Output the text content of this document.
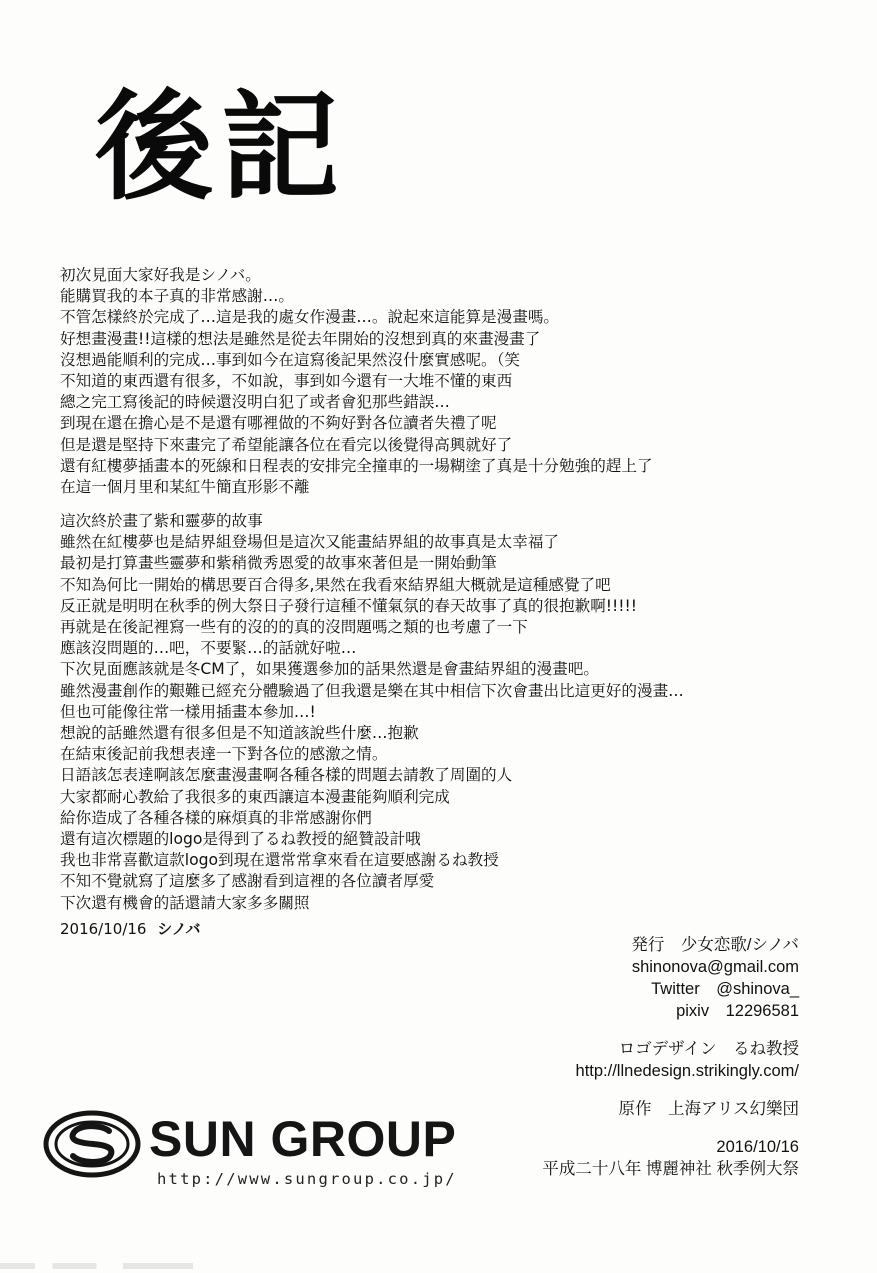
後記
初次見面大家好我是シノバ。
能購買我的本子真的非常感謝…。
不管怎樣終於完成了…這是我的處女作漫畫…。說起來這能算是漫畫嗎。
好想畫漫畫!!這樣的想法是雖然是從去年開始的沒想到真的來畫漫畫了
沒想過能順利的完成…事到如今在這寫後記果然沒什麼實感呢。（笑
不知道的東西還有很多，不如說，事到如今還有一大堆不懂的東西
總之完工寫後記的時候還沒明白犯了或者會犯那些錯誤…
到現在還在擔心是不是還有哪裡做的不夠好對各位讀者失禮了呢
但是還是堅持下來畫完了希望能讓各位在看完以後覺得高興就好了
還有紅樓夢插畫本的死線和日程表的安排完全撞車的一場糊塗了真是十分勉強的趕上了
在這一個月里和某紅牛簡直形影不離
這次終於畫了紫和靈夢的故事
雖然在紅樓夢也是結界組登場但是這次又能畫結界組的故事真是太幸福了
最初是打算畫些靈夢和紫稍微秀恩愛的故事來著但是一開始動筆
不知為何比一開始的構思要百合得多,果然在我看來結界組大概就是這種感覺了吧
反正就是明明在秋季的例大祭日子發行這種不懂氣氛的春天故事了真的很抱歉啊!!!!!
再就是在後記裡寫一些有的沒的的真的沒問題嗎之類的也考慮了一下
應該沒問題的…吧，不要緊…的話就好啦…
下次見面應該就是冬CM了，如果獲選參加的話果然還是會畫結界組的漫畫吧。
雖然漫畫創作的艱難已經充分體驗過了但我還是樂在其中相信下次會畫出比這更好的漫畫…
但也可能像往常一樣用插畫本參加…!
想說的話雖然還有很多但是不知道該說些什麼…抱歉
在結束後記前我想表達一下對各位的感激之情。
日語該怎表達啊該怎麼畫漫畫啊各種各樣的問題去請教了周圍的人
大家都耐心教給了我很多的東西讓這本漫畫能夠順利完成
給你造成了各種各樣的麻煩真的非常感謝你們
還有這次標題的logo是得到了るね教授的絕贊設計哦
我也非常喜歡這款logo到現在還常常拿來看在這要感謝るね教授
不知不覺就寫了這麼多了感謝看到這裡的各位讀者厚愛
下次還有機會的話還請大家多多關照
2016/10/16 シノバ
発行　少女恋歌/シノバ
shinonova@gmail.com
Twitter　@shinova_
pixiv　12296581
ロゴデザイン　るね教授
http://llnedesign.strikingly.com/
原作　上海アリス幻樂団
2016/10/16
平成二十八年 博麗神社 秋季例大祭
SUN GROUP
http://www.sungroup.co.jp/
